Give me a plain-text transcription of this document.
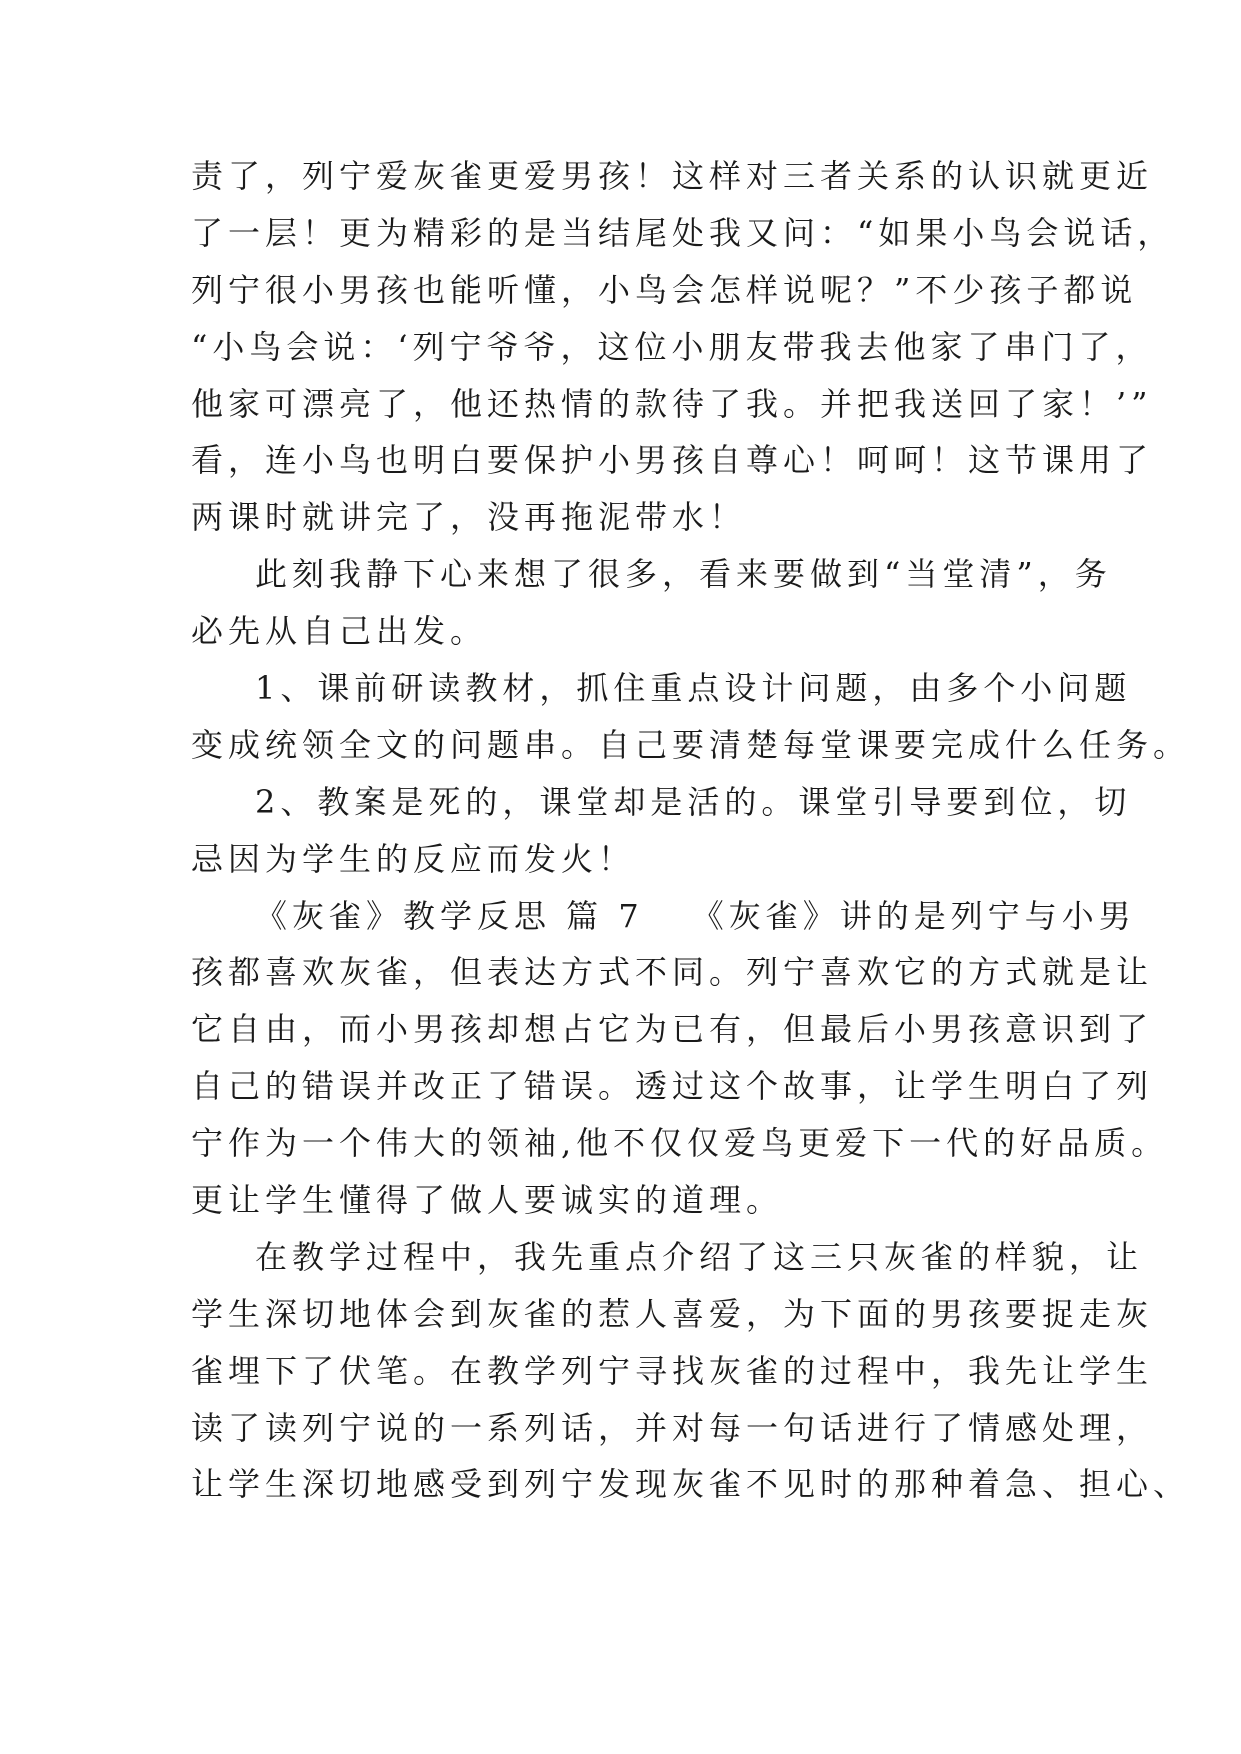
责了，列宁爱灰雀更爱男孩！这样对三者关系的认识就更近
了一层！更为精彩的是当结尾处我又问：“如果小鸟会说话，
列宁很小男孩也能听懂，小鸟会怎样说呢？”不少孩子都说
“小鸟会说：‘列宁爷爷，这位小朋友带我去他家了串门了，
他家可漂亮了，他还热情的款待了我。并把我送回了家！’”
看，连小鸟也明白要保护小男孩自尊心！呵呵！这节课用了
两课时就讲完了，没再拖泥带水！
此刻我静下心来想了很多，看来要做到“当堂清”，务
必先从自己出发。
1、课前研读教材，抓住重点设计问题，由多个小问题
变成统领全文的问题串。自己要清楚每堂课要完成什么任务。
2、教案是死的，课堂却是活的。课堂引导要到位，切
忌因为学生的反应而发火！
《灰雀》教学反思 篇 7 《灰雀》讲的是列宁与小男
孩都喜欢灰雀，但表达方式不同。列宁喜欢它的方式就是让
它自由，而小男孩却想占它为已有，但最后小男孩意识到了
自己的错误并改正了错误。透过这个故事，让学生明白了列
宁作为一个伟大的领袖,他不仅仅爱鸟更爱下一代的好品质。
更让学生懂得了做人要诚实的道理。
在教学过程中，我先重点介绍了这三只灰雀的样貌，让
学生深切地体会到灰雀的惹人喜爱，为下面的男孩要捉走灰
雀埋下了伏笔。在教学列宁寻找灰雀的过程中，我先让学生
读了读列宁说的一系列话，并对每一句话进行了情感处理，
让学生深切地感受到列宁发现灰雀不见时的那种着急、担心、
